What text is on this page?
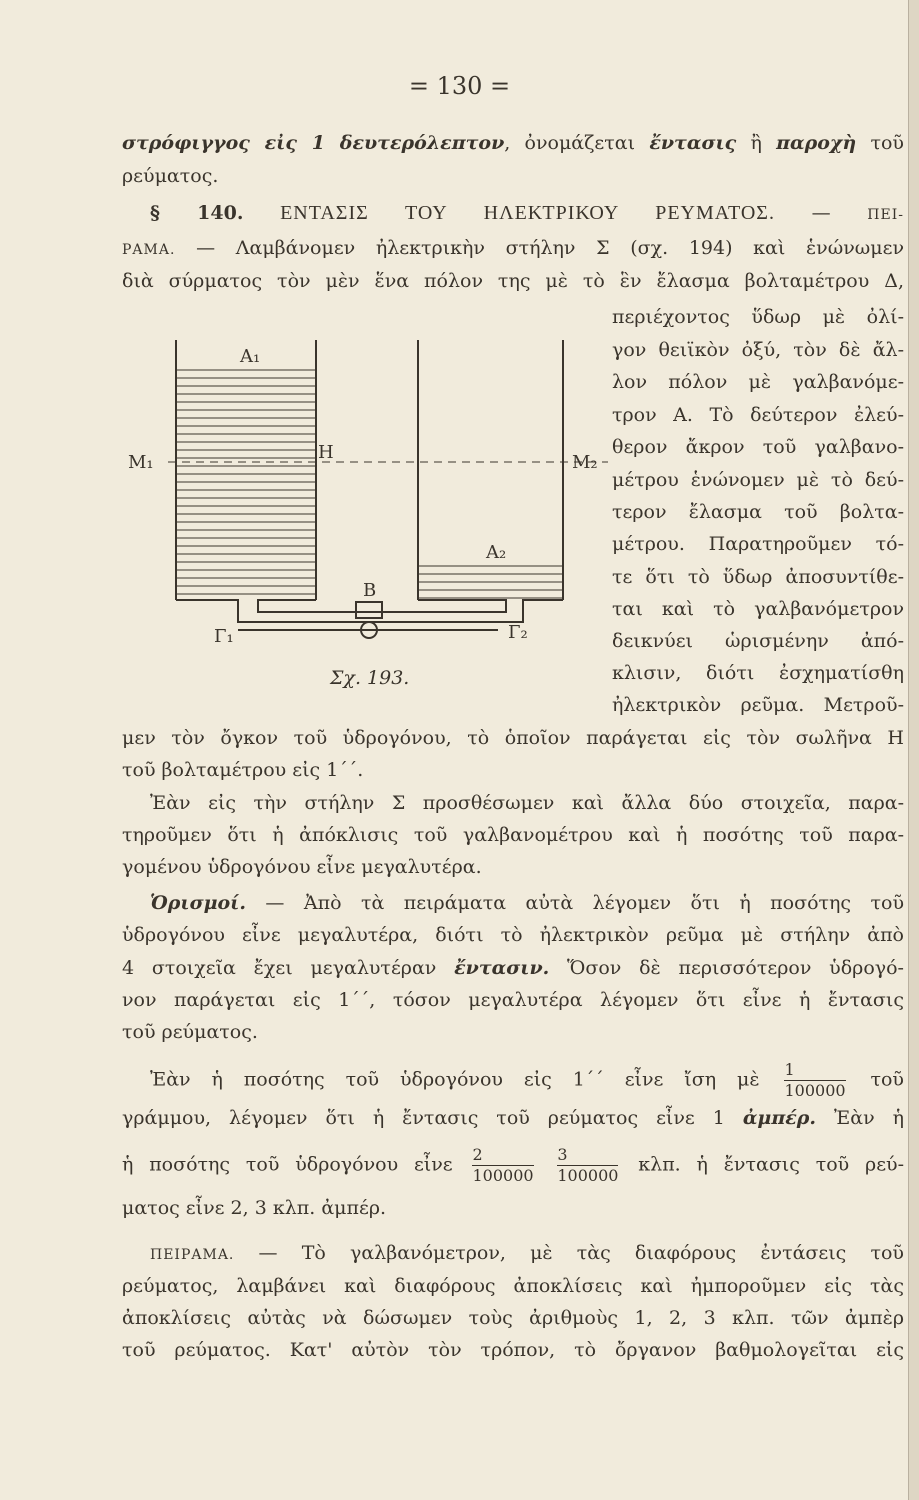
= 130 =
στρόφιγγος εἰς 1 δευτερόλεπτον, ὀνομάζεται ἔντασις ἢ παροχὴ τοῦ
ρεύματος.
§ 140. ΕΝΤΑΣΙΣ ΤΟΥ ΗΛΕΚΤΡΙΚΟΥ ΡΕΥΜΑΤΟΣ. — ΠΕΙ-
ΡΑΜΑ. — Λαμβάνομεν ἠλεκτρικὴν στήλην Σ (σχ. 194) καὶ ἑνώνωμεν
διὰ σύρματος τὸν μὲν ἕνα πόλον της μὲ τὸ ἓν ἔλασμα βολταμέτρου Δ,
περιέχοντος ὕδωρ μὲ ὀλί-
γον θειϊκὸν ὀξύ, τὸν δὲ ἄλ-
λον πόλον μὲ γαλβανόμε-
τρον Α. Τὸ δεύτερον ἐλεύ-
θερον ἄκρον τοῦ γαλβανο-
μέτρου ἑνώνομεν μὲ τὸ δεύ-
τερον ἔλασμα τοῦ βολτα-
μέτρου. Παρατηροῦμεν τό-
τε ὅτι τὸ ὕδωρ ἀποσυντίθε-
ται καὶ τὸ γαλβανόμετρον
δεικνύει ὡρισμένην ἀπό-
κλισιν, διότι ἐσχηματίσθη
ἠλεκτρικὸν ρεῦμα. Μετροῦ-
A₁
A₂
M₁	M₂
H
B
Γ₁	Γ₂
Σχ. 193.
μεν τὸν ὄγκον τοῦ ὑδρογόνου, τὸ ὁποῖον παράγεται εἰς τὸν σωλῆνα Η
τοῦ βολταμέτρου εἰς 1΄΄.
Ἐὰν εἰς τὴν στήλην Σ προσθέσωμεν καὶ ἄλλα δύο στοιχεῖα, παρα-
τηροῦμεν ὅτι ἡ ἀπόκλισις τοῦ γαλβανομέτρου καὶ ἡ ποσότης τοῦ παρα-
γομένου ὑδρογόνου εἶνε μεγαλυτέρα.
Ὁρισμοί. — Ἀπὸ τὰ πειράματα αὐτὰ λέγομεν ὅτι ἡ ποσότης τοῦ
ὑδρογόνου εἶνε μεγαλυτέρα, διότι τὸ ἠλεκτρικὸν ρεῦμα μὲ στήλην ἀπὸ
4 στοιχεῖα ἔχει μεγαλυτέραν ἔντασιν. Ὅσον δὲ περισσότερον ὑδρογό-
νον παράγεται εἰς 1΄΄, τόσον μεγαλυτέρα λέγομεν ὅτι εἶνε ἡ ἔντασις
τοῦ ρεύματος.
Ἐὰν ἡ ποσότης τοῦ ὑδρογόνου εἰς 1΄΄ εἶνε ἴση μὲ $\frac{1}{100000}$ τοῦ
γράμμου, λέγομεν ὅτι ἡ ἔντασις τοῦ ρεύματος εἶνε 1 ἀμπέρ. Ἐὰν ἡ
ἡ ποσότης τοῦ ὑδρογόνου εἶνε $\frac{2}{100000}$
$\frac{3}{100000} \kappa\lambda\pi$. ἡ ἔντασις τοῦ ρεύ-
ματος εἶνε 2, 3 κλπ. ἀμπέρ.
ΠΕΙΡΑΜΑ. — Τὸ γαλβανόμετρον, μὲ τὰς διαφόρους ἐντάσεις τοῦ
ρεύματος, λαμβάνει καὶ διαφόρους ἀποκλίσεις καὶ ἠμποροῦμεν εἰς τὰς
ἀποκλίσεις αὐτὰς νὰ δώσωμεν τοὺς ἀριθμοὺς 1, 2, 3 κλπ. τῶν ἀμπὲρ
τοῦ ρεύματος. Κατ' αὐτὸν τὸν τρόπον, τὸ ὄργανον βαθμολογεῖται εἰς
